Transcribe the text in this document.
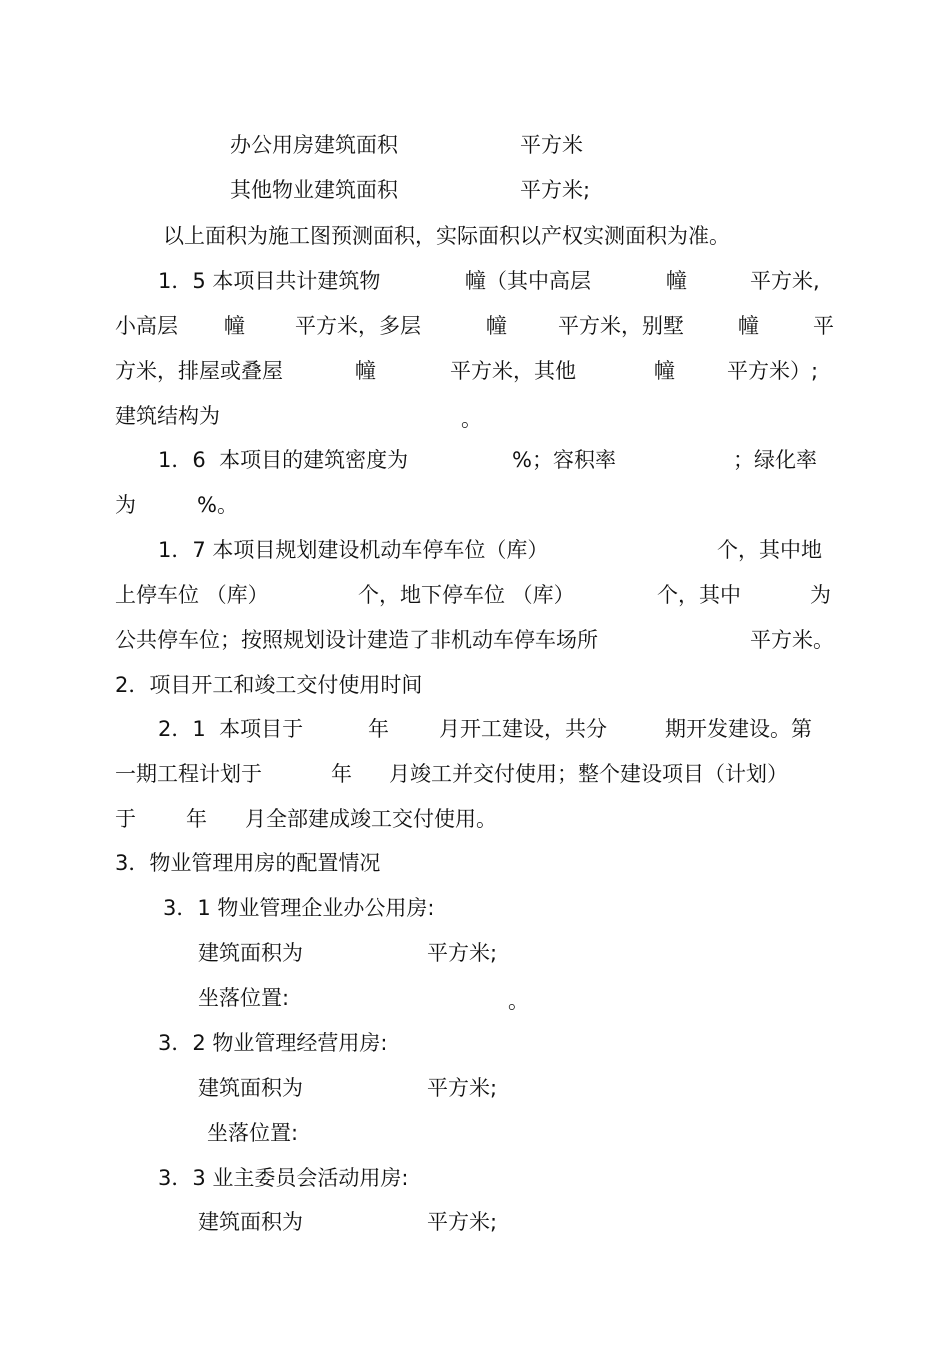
办公用房建筑面积	平方米
其他物业建筑面积	平方米;
以上面积为施工图预测面积，实际面积以产权实测面积为准。
1．5 本项目共计建筑物	幢（其中高层	幢	平方米,
小高层 幢 平方米，多层	幢 平方米，别墅	幢	平
方米，排屋或叠屋	幢	平方米，其他	幢 平方米）;
建筑结构为	。
1．6  本项目的建筑密度为	%；容积率	；绿化率
为	%。
1．7 本项目规划建设机动车停车位（库）	个，其中地
上停车位 （库）	个，地下停车位 （库）	个，其中	为
公共停车位；按照规划设计建造了非机动车停车场所	平方米。
2．项目开工和竣工交付使用时间
2．1  本项目于	年 月开工建设，共分	期开发建设。第
一期工程计划于	年 月竣工并交付使用；整个建设项目（计划）
于 年 月全部建成竣工交付使用。
3．物业管理用房的配置情况
3．1 物业管理企业办公用房:
建筑面积为	平方米;
坐落位置:	。
3．2 物业管理经营用房:
建筑面积为	平方米;
坐落位置:
3．3 业主委员会活动用房:
建筑面积为	平方米;
